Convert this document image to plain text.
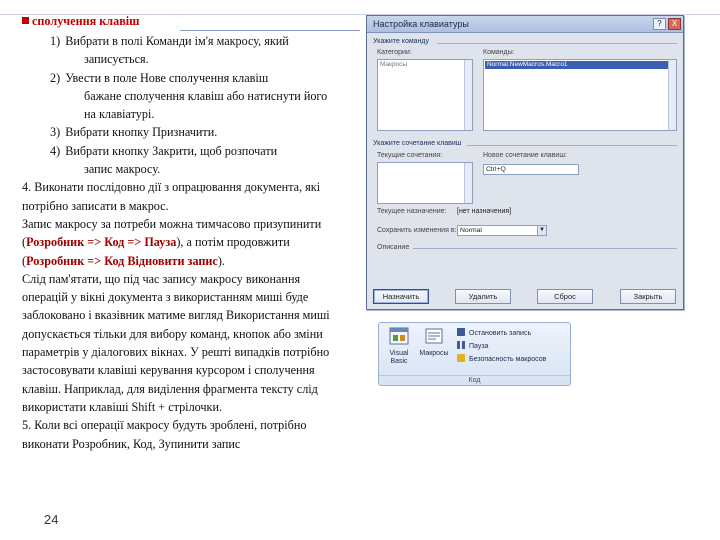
сполучення клавіш
1) Вибрати в полі Команди ім'я макросу, який
записується.
2) Увести в поле Нове сполучення клавіш
бажане сполучення клавіш або натиснути його на клавіатурі.
3) Вибрати кнопку Призначити.
4) Вибрати кнопку Закрити, щоб розпочати
запис макросу.

4. Виконати послідовно дії з опрацювання документа, які потрібно записати в макрос.

Запис макросу за потреби можна тимчасово призупинити (Розробник => Код => Пауза), а потім продовжити (Розробник => Код Відновити запис).

Слід пам'ятати, що під час запису макросу виконання операцій у вікні документа з використанням миші буде заблоковано і вказівник матиме вигляд Використання миші допускається тільки для вибору команд, кнопок або зміни параметрів у діалогових вікнах. У решті випадків потрібно застосовувати клавіші керування курсором і сполучення клавіш. Наприклад, для виділення фрагмента тексту слід використати клавіші Shift + стрілочки.

5. Коли всі операції макросу будуть зроблені, потрібно виконати Розробник, Код, Зупинити запис

24
Настройка клавиатуры	?	X
Укажите команду
Категории:
Макросы
Команды:
Normal.NewMacros.Macro1
Укажите сочетание клавиш
Текущие сочетания:	Новое сочетание клавиш:
Ctrl+Q
Текущее назначение: [нет назначения]
Сохранить изменения в: Normal	▼
Описание
Назначить	Удалить	Сброс	Закрыть
Visual Basic
Макросы
Остановить запись
Пауза
Безопасность макросов
Код
